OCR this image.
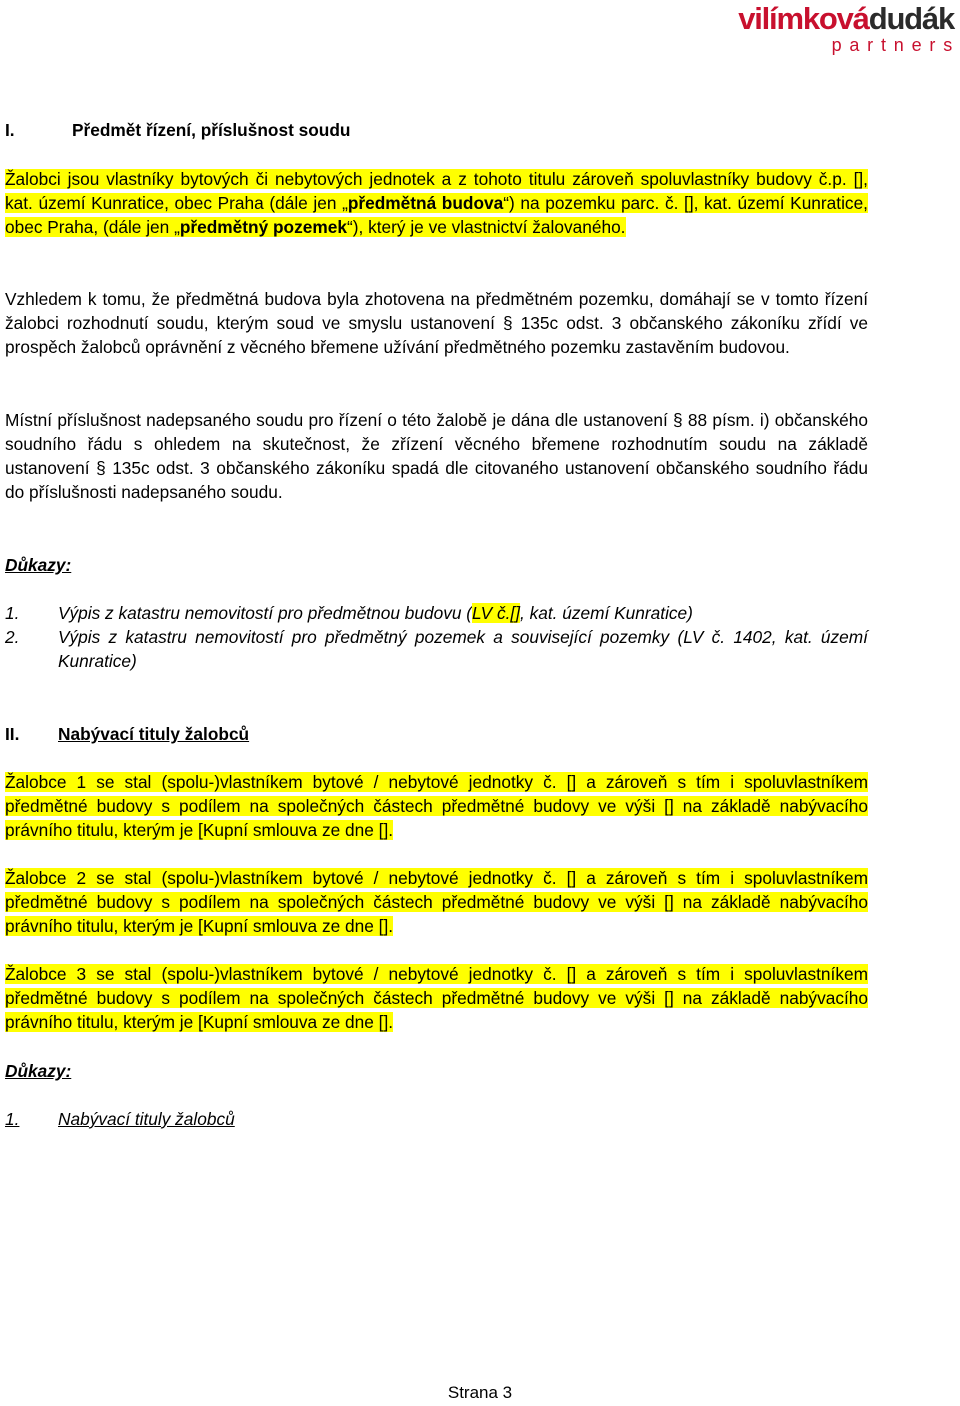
vilímkovádudák
partners
I.	Předmět řízení, příslušnost soudu
Žalobci jsou vlastníky bytových či nebytových jednotek a z tohoto titulu zároveň spoluvlastníky budovy č.p. [], kat. území Kunratice, obec Praha (dále jen „předmětná budova“) na pozemku parc. č. [], kat. území Kunratice, obec Praha, (dále jen „předmětný pozemek“), který je ve vlastnictví žalovaného.
Vzhledem k tomu, že předmětná budova byla zhotovena na předmětném pozemku, domáhají se v tomto řízení žalobci rozhodnutí soudu, kterým soud ve smyslu ustanovení § 135c odst. 3 občanského zákoníku zřídí ve prospěch žalobců oprávnění z věcného břemene užívání předmětného pozemku zastavěním budovou.
Místní příslušnost nadepsaného soudu pro řízení o této žalobě je dána dle ustanovení § 88 písm. i) občanského soudního řádu s ohledem na skutečnost, že zřízení věcného břemene rozhodnutím soudu na základě ustanovení § 135c odst. 3 občanského zákoníku spadá dle citovaného ustanovení občanského soudního řádu do příslušnosti nadepsaného soudu.
Důkazy:
1.	Výpis z katastru nemovitostí pro předmětnou budovu (LV č.[], kat. území Kunratice)
2.	Výpis z katastru nemovitostí pro předmětný pozemek a související pozemky (LV č. 1402, kat. území Kunratice)
II. Nabývací tituly žalobců
Žalobce 1 se stal (spolu-)vlastníkem bytové / nebytové jednotky č. [] a zároveň s tím i spoluvlastníkem předmětné budovy s podílem na společných částech předmětné budovy ve výši [] na základě nabývacího právního titulu, kterým je [Kupní smlouva ze dne [].
Žalobce 2 se stal (spolu-)vlastníkem bytové / nebytové jednotky č. [] a zároveň s tím i spoluvlastníkem předmětné budovy s podílem na společných částech předmětné budovy ve výši [] na základě nabývacího právního titulu, kterým je [Kupní smlouva ze dne [].
Žalobce 3 se stal (spolu-)vlastníkem bytové / nebytové jednotky č. [] a zároveň s tím i spoluvlastníkem předmětné budovy s podílem na společných částech předmětné budovy ve výši [] na základě nabývacího právního titulu, kterým je [Kupní smlouva ze dne [].
Důkazy:
1.	Nabývací tituly žalobců
Strana 3
